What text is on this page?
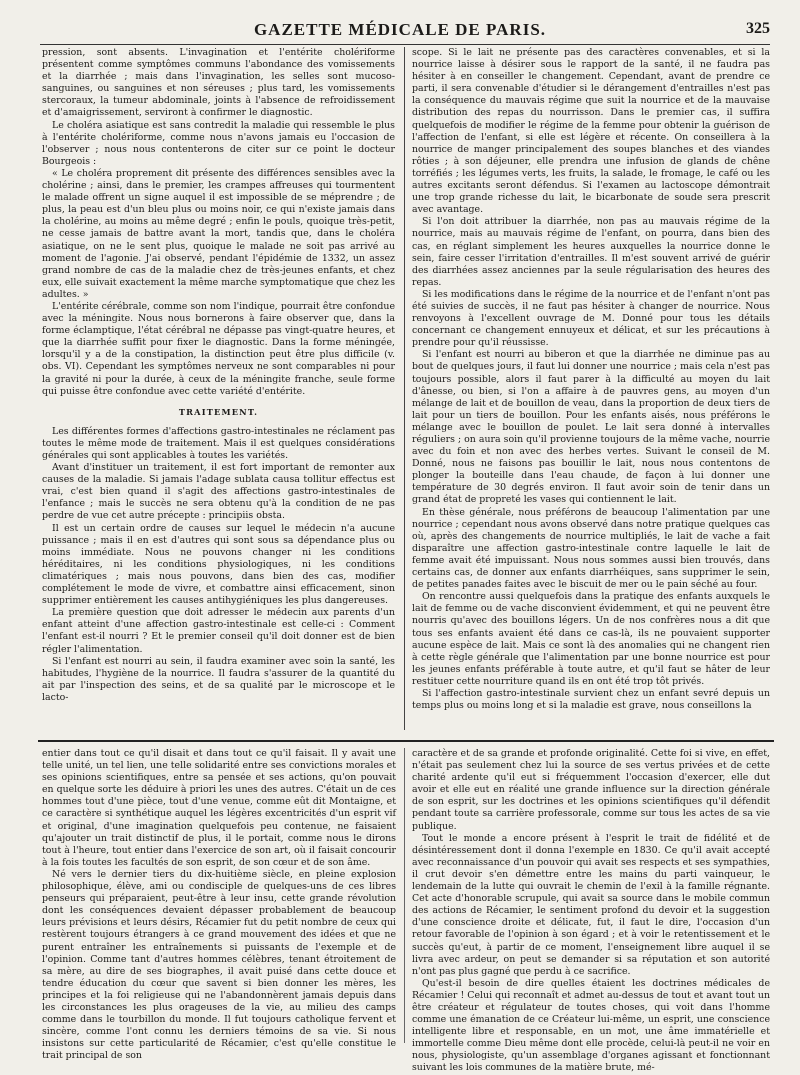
GAZETTE MÉDICALE DE PARIS.	325

pression, sont absents. L'invagination et l'entérite cholériforme présentent comme symptômes communs l'abondance des vomissements et la diarrhée ; mais dans l'invagination, les selles sont mucoso-sanguines, ou sanguines et non séreuses ; plus tard, les vomissements stercoraux, la tumeur abdominale, joints à l'absence de refroidissement et d'amaigrissement, serviront à confirmer le diagnostic.

Le choléra asiatique est sans contredit la maladie qui ressemble le plus à l'entérite cholériforme, comme nous n'avons jamais eu l'occasion de l'observer ; nous nous contenterons de citer sur ce point le docteur Bourgeois :

« Le choléra proprement dit présente des différences sensibles avec la cholérine ; ainsi, dans le premier, les crampes affreuses qui tourmentent le malade offrent un signe auquel il est impossible de se méprendre ; de plus, la peau est d'un bleu plus ou moins noir, ce qui n'existe jamais dans la cholérine, au moins au même degré ; enfin le pouls, quoique très-petit, ne cesse jamais de battre avant la mort, tandis que, dans le choléra asiatique, on ne le sent plus, quoique le malade ne soit pas arrivé au moment de l'agonie. J'ai observé, pendant l'épidémie de 1332, un assez grand nombre de cas de la maladie chez de très-jeunes enfants, et chez eux, elle suivait exactement la même marche symptomatique que chez les adultes. »

L'entérite cérébrale, comme son nom l'indique, pourrait être confondue avec la méningite. Nous nous bornerons à faire observer que, dans la forme éclamptique, l'état cérébral ne dépasse pas vingt-quatre heures, et que la diarrhée suffit pour fixer le diagnostic. Dans la forme méningée, lorsqu'il y a de la constipation, la distinction peut être plus difficile (v. obs. VI). Cependant les symptômes nerveux ne sont comparables ni pour la gravité ni pour la durée, à ceux de la méningite franche, seule forme qui puisse être confondue avec cette variété d'entérite.

TRAITEMENT.

Les différentes formes d'affections gastro-intestinales ne réclament pas toutes le même mode de traitement. Mais il est quelques considérations générales qui sont applicables à toutes les variétés.

Avant d'instituer un traitement, il est fort important de remonter aux causes de la maladie. Si jamais l'adage sublata causa tollitur effectus est vrai, c'est bien quand il s'agit des affections gastro-intestinales de l'enfance ; mais le succès ne sera obtenu qu'à la condition de ne pas perdre de vue cet autre précepte : principiis obsta.

Il est un certain ordre de causes sur lequel le médecin n'a aucune puissance ; mais il en est d'autres qui sont sous sa dépendance plus ou moins immédiate. Nous ne pouvons changer ni les conditions héréditaires, ni les conditions physiologiques, ni les conditions climatériques ; mais nous pouvons, dans bien des cas, modifier complétement le mode de vivre, et combattre ainsi efficacement, sinon supprimer entièrement les causes antihygiéniques les plus dangereuses.

La première question que doit adresser le médecin aux parents d'un enfant atteint d'une affection gastro-intestinale est celle-ci : Comment l'enfant est-il nourri ? Et le premier conseil qu'il doit donner est de bien régler l'alimentation.

Si l'enfant est nourri au sein, il faudra examiner avec soin la santé, les habitudes, l'hygiène de la nourrice. Il faudra s'assurer de la quantité du ait par l'inspection des seins, et de sa qualité par le microscope et le lacto-

scope. Si le lait ne présente pas des caractères convenables, et si la nourrice laisse à désirer sous le rapport de la santé, il ne faudra pas hésiter à en conseiller le changement. Cependant, avant de prendre ce parti, il sera convenable d'étudier si le dérangement d'entrailles n'est pas la conséquence du mauvais régime que suit la nourrice et de la mauvaise distribution des repas du nourrisson. Dans le premier cas, il suffira quelquefois de modifier le régime de la femme pour obtenir la guérison de l'affection de l'enfant, si elle est légère et récente. On conseillera à la nourrice de manger principalement des soupes blanches et des viandes rôties ; à son déjeuner, elle prendra une infusion de glands de chêne torréfiés ; les légumes verts, les fruits, la salade, le fromage, le café ou les autres excitants seront défendus. Si l'examen au lactoscope démontrait une trop grande richesse du lait, le bicarbonate de soude sera prescrit avec avantage.

Si l'on doit attribuer la diarrhée, non pas au mauvais régime de la nourrice, mais au mauvais régime de l'enfant, on pourra, dans bien des cas, en réglant simplement les heures auxquelles la nourrice donne le sein, faire cesser l'irritation d'entrailles. Il m'est souvent arrivé de guérir des diarrhées assez anciennes par la seule régularisation des heures des repas.

Si les modifications dans le régime de la nourrice et de l'enfant n'ont pas été suivies de succès, il ne faut pas hésiter à changer de nourrice. Nous renvoyons à l'excellent ouvrage de M. Donné pour tous les détails concernant ce changement ennuyeux et délicat, et sur les précautions à prendre pour qu'il réussisse.

Si l'enfant est nourri au biberon et que la diarrhée ne diminue pas au bout de quelques jours, il faut lui donner une nourrice ; mais cela n'est pas toujours possible, alors il faut parer à la difficulté au moyen du lait d'ânesse, ou bien, si l'on a affaire à de pauvres gens, au moyen d'un mélange de lait et de bouillon de veau, dans la proportion de deux tiers de lait pour un tiers de bouillon. Pour les enfants aisés, nous préférons le mélange avec le bouillon de poulet. Le lait sera donné à intervalles réguliers ; on aura soin qu'il provienne toujours de la même vache, nourrie avec du foin et non avec des herbes vertes. Suivant le conseil de M. Donné, nous ne faisons pas bouillir le lait, nous nous contentons de plonger la bouteille dans l'eau chaude, de façon à lui donner une température de 30 degrés environ. Il faut avoir soin de tenir dans un grand état de propreté les vases qui contiennent le lait.

En thèse générale, nous préférons de beaucoup l'alimentation par une nourrice ; cependant nous avons observé dans notre pratique quelques cas où, après des changements de nourrice multipliés, le lait de vache a fait disparaître une affection gastro-intestinale contre laquelle le lait de femme avait été impuissant. Nous nous sommes aussi bien trouvés, dans certains cas, de donner aux enfants diarrhéiques, sans supprimer le sein, de petites panades faites avec le biscuit de mer ou le pain séché au four.

On rencontre aussi quelquefois dans la pratique des enfants auxquels le lait de femme ou de vache disconvient évidemment, et qui ne peuvent être nourris qu'avec des bouillons légers. Un de nos confrères nous a dit que tous ses enfants avaient été dans ce cas-là, ils ne pouvaient supporter aucune espèce de lait. Mais ce sont là des anomalies qui ne changent rien à cette règle générale que l'alimentation par une bonne nourrice est pour les jeunes enfants préférable à toute autre, et qu'il faut se hâter de leur restituer cette nourriture quand ils en ont été trop tôt privés.

Si l'affection gastro-intestinale survient chez un enfant sevré depuis un temps plus ou moins long et si la maladie est grave, nous conseillons la

entier dans tout ce qu'il disait et dans tout ce qu'il faisait. Il y avait une telle unité, un tel lien, une telle solidarité entre ses convictions morales et ses opinions scientifiques, entre sa pensée et ses actions, qu'on pouvait en quelque sorte les déduire à priori les unes des autres. C'était un de ces hommes tout d'une pièce, tout d'une venue, comme eût dit Montaigne, et ce caractère si synthétique auquel les légères excentricités d'un esprit vif et original, d'une imagination quelquefois peu contenue, ne faisaient qu'ajouter un trait distinctif de plus, il le portait, comme nous le dirons tout à l'heure, tout entier dans l'exercice de son art, où il faisait concourir à la fois toutes les facultés de son esprit, de son cœur et de son âme.

Né vers le dernier tiers du dix-huitième siècle, en pleine explosion philosophique, élève, ami ou condisciple de quelques-uns de ces libres penseurs qui préparaient, peut-être à leur insu, cette grande révolution dont les conséquences devaient dépasser probablement de beaucoup leurs prévisions et leurs désirs, Récamier fut du petit nombre de ceux qui restèrent toujours étrangers à ce grand mouvement des idées et que ne purent entraîner les entraînements si puissants de l'exemple et de l'opinion. Comme tant d'autres hommes célèbres, tenant étroitement de sa mère, au dire de ses biographes, il avait puisé dans cette douce et tendre éducation du cœur que savent si bien donner les mères, les principes et la foi religieuse qui ne l'abandonnèrent jamais depuis dans les circonstances les plus orageuses de la vie, au milieu des camps comme dans le tourbillon du monde. Il fut toujours catholique fervent et sincère, comme l'ont connu les derniers témoins de sa vie. Si nous insistons sur cette particularité de Récamier, c'est qu'elle constitue le trait principal de son

caractère et de sa grande et profonde originalité. Cette foi si vive, en effet, n'était pas seulement chez lui la source de ses vertus privées et de cette charité ardente qu'il eut si fréquemment l'occasion d'exercer, elle dut avoir et elle eut en réalité une grande influence sur la direction générale de son esprit, sur les doctrines et les opinions scientifiques qu'il défendit pendant toute sa carrière professorale, comme sur tous les actes de sa vie publique.

Tout le monde a encore présent à l'esprit le trait de fidélité et de désintéressement dont il donna l'exemple en 1830. Ce qu'il avait accepté avec reconnaissance d'un pouvoir qui avait ses respects et ses sympathies, il crut devoir s'en démettre entre les mains du parti vainqueur, le lendemain de la lutte qui ouvrait le chemin de l'exil à la famille régnante. Cet acte d'honorable scrupule, qui avait sa source dans le mobile commun des actions de Récamier, le sentiment profond du devoir et la suggestion d'une conscience droite et délicate, fut, il faut le dire, l'occasion d'un retour favorable de l'opinion à son égard ; et à voir le retentissement et le succès qu'eut, à partir de ce moment, l'enseignement libre auquel il se livra avec ardeur, on peut se demander si sa réputation et son autorité n'ont pas plus gagné que perdu à ce sacrifice.

Qu'est-il besoin de dire quelles étaient les doctrines médicales de Récamier ! Celui qui reconnaît et admet au-dessus de tout et avant tout un être créateur et régulateur de toutes choses, qui voit dans l'homme comme une émanation de ce Créateur lui-même, un esprit, une conscience intelligente libre et responsable, en un mot, une âme immatérielle et immortelle comme Dieu même dont elle procède, celui-là peut-il ne voir en nous, physiologiste, qu'un assemblage d'organes agissant et fonctionnant suivant les lois communes de la matière brute, mé-
